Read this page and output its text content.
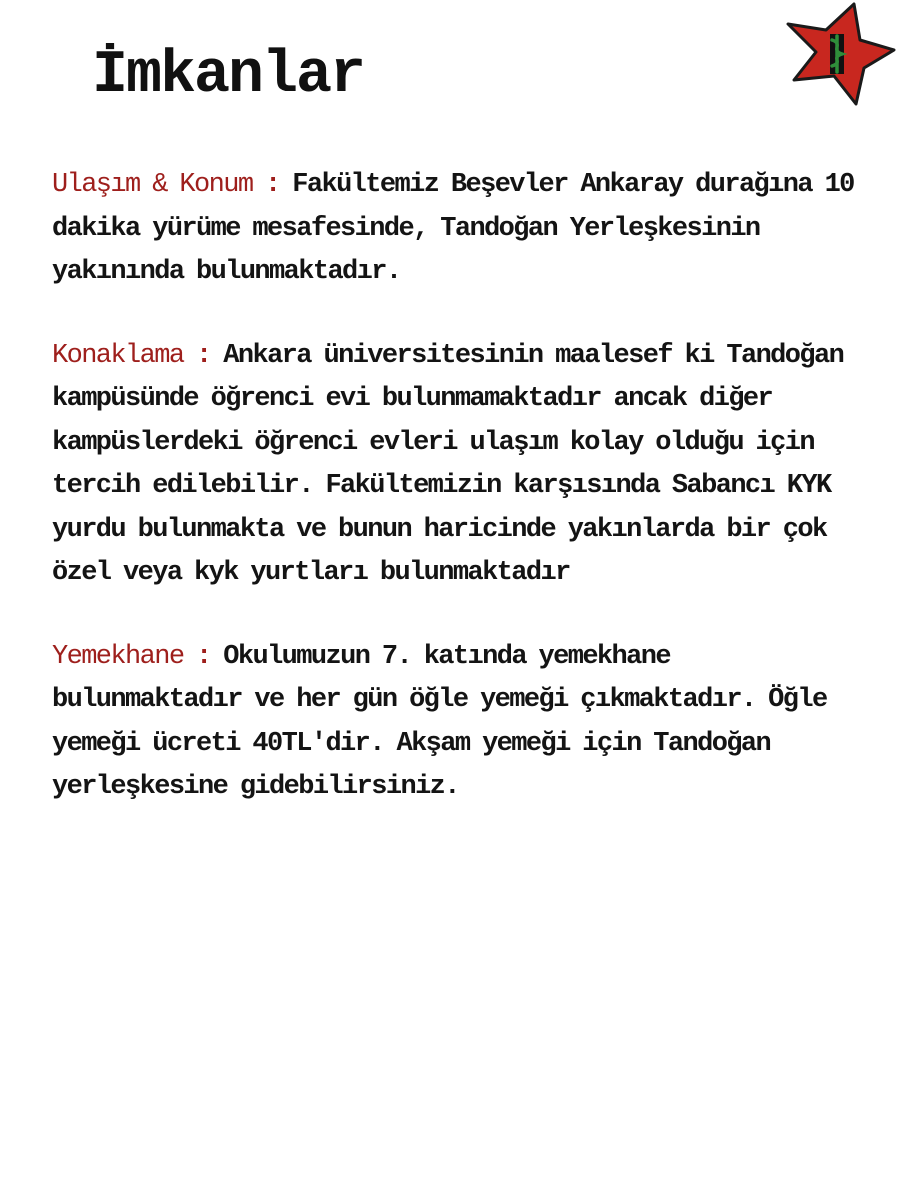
İmkanlar

Ulaşım & Konum : Fakültemiz Beşevler Ankaray durağına 10 dakika yürüme mesafesinde, Tandoğan Yerleşkesinin yakınında bulunmaktadır.

Konaklama : Ankara üniversitesinin maalesef ki Tandoğan kampüsünde öğrenci evi bulunmamaktadır ancak diğer kampüslerdeki öğrenci evleri ulaşım kolay olduğu için tercih edilebilir. Fakültemizin karşısında Sabancı KYK yurdu bulunmakta ve bunun haricinde yakınlarda bir çok özel veya kyk yurtları bulunmaktadır

Yemekhane : Okulumuzun 7. katında yemekhane bulunmaktadır ve her gün öğle yemeği çıkmaktadır. Öğle yemeği ücreti 40TL'dir. Akşam yemeği için Tandoğan yerleşkesine gidebilirsiniz.
